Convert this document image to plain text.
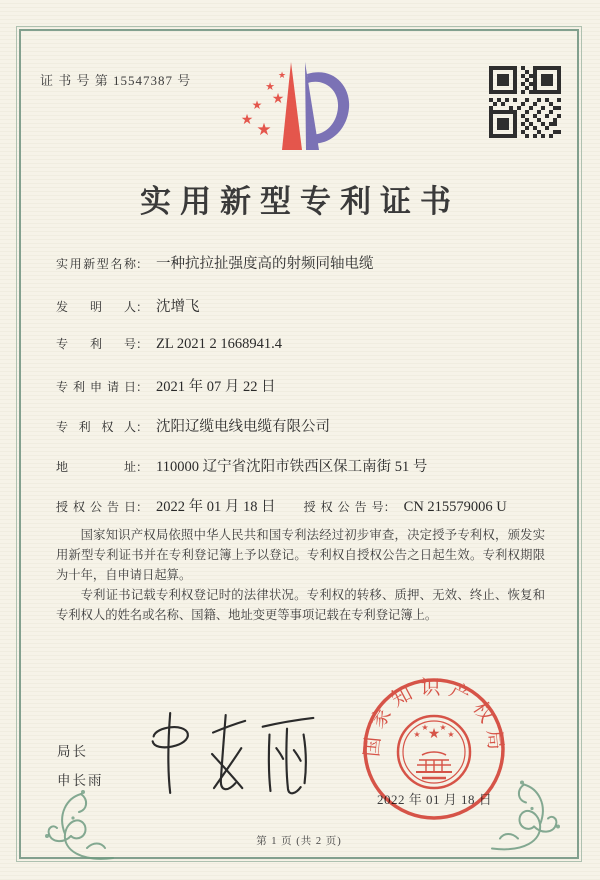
证 书 号 第 15547387 号	★
★
★
★
★ ★
实用新型专利证书
实用新型名称： 一种抗拉扯强度高的射频同轴电缆
发明人： 沈增飞
专利号： ZL 2021 2 1668941.4
专利申请日： 2021 年 07 月 22 日
专利权人： 沈阳辽缆电线电缆有限公司
地址： 110000 辽宁省沈阳市铁西区保工南街 51 号
授权公告日： 2022 年 01 月 18 日 授权公告号： CN 215579006 U

国家知识产权局依照中华人民共和国专利法经过初步审查，决定授予专利权，颁发实用新型专利证书并在专利登记簿上予以登记。专利权自授权公告之日起生效。专利权期限为十年，自申请日起算。

专利证书记载专利权登记时的法律状况。专利权的转移、质押、无效、终止、恢复和专利权人的姓名或名称、国籍、地址变更等事项记载在专利登记簿上。

局长
申长雨
2022 年 01 月 18 日
国家知识产权局
★
★
★ ★
★
第 1 页 (共 2 页)
